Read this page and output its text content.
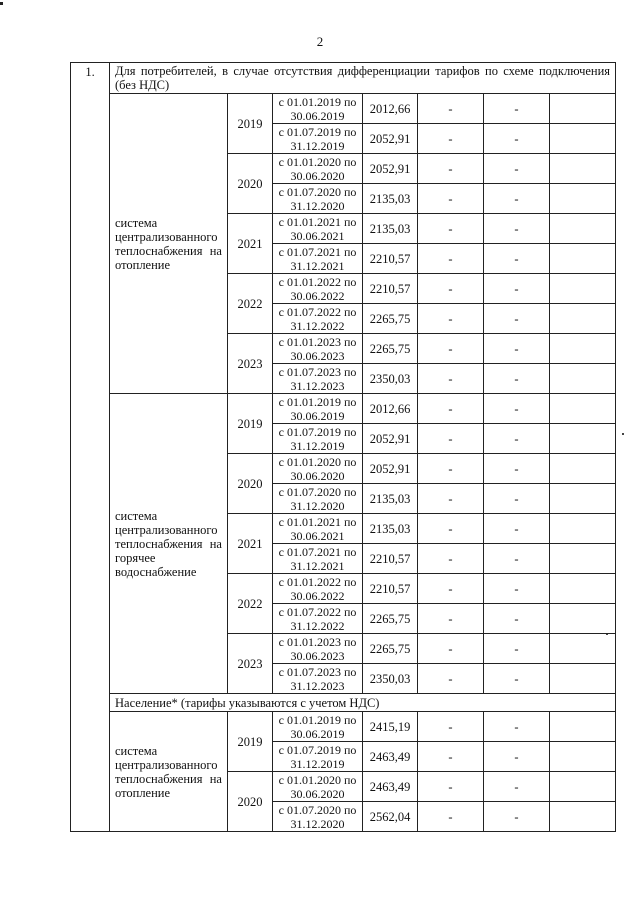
2
1.	Для потребителей, в случае отсутствия дифференциации тарифов по схеме подключения (без НДС)						
	система централизованного теплоснабжения на отопление	2019	с 01.01.2019 по 30.06.2019	2012,66	-	-	
			с 01.07.2019 по 31.12.2019	2052,91	-	-	
		2020	с 01.01.2020 по 30.06.2020	2052,91	-	-	
			с 01.07.2020 по 31.12.2020	2135,03	-	-	
		2021	с 01.01.2021 по 30.06.2021	2135,03	-	-	
			с 01.07.2021 по 31.12.2021	2210,57	-	-	
		2022	с 01.01.2022 по 30.06.2022	2210,57	-	-	
			с 01.07.2022 по 31.12.2022	2265,75	-	-	
		2023	с 01.01.2023 по 30.06.2023	2265,75	-	-	
			с 01.07.2023 по 31.12.2023	2350,03	-	-	
	система централизованного теплоснабжения на горячее водоснабжение	2019	с 01.01.2019 по 30.06.2019	2012,66	-	-	
			с 01.07.2019 по 31.12.2019	2052,91	-	-	
		2020	с 01.01.2020 по 30.06.2020	2052,91	-	-	
			с 01.07.2020 по 31.12.2020	2135,03	-	-	
		2021	с 01.01.2021 по 30.06.2021	2135,03	-	-	
			с 01.07.2021 по 31.12.2021	2210,57	-	-	
		2022	с 01.01.2022 по 30.06.2022	2210,57	-	-	
			с 01.07.2022 по 31.12.2022	2265,75	-	-	
		2023	с 01.01.2023 по 30.06.2023	2265,75	-	-	
			с 01.07.2023 по 31.12.2023	2350,03	-	-	
	Население* (тарифы указываются с учетом НДС)						
	система централизованного теплоснабжения на отопление	2019	с 01.01.2019 по 30.06.2019	2415,19	-	-	
			с 01.07.2019 по 31.12.2019	2463,49	-	-	
		2020	с 01.01.2020 по 30.06.2020	2463,49	-	-	
			с 01.07.2020 по 31.12.2020	2562,04	-	-	
